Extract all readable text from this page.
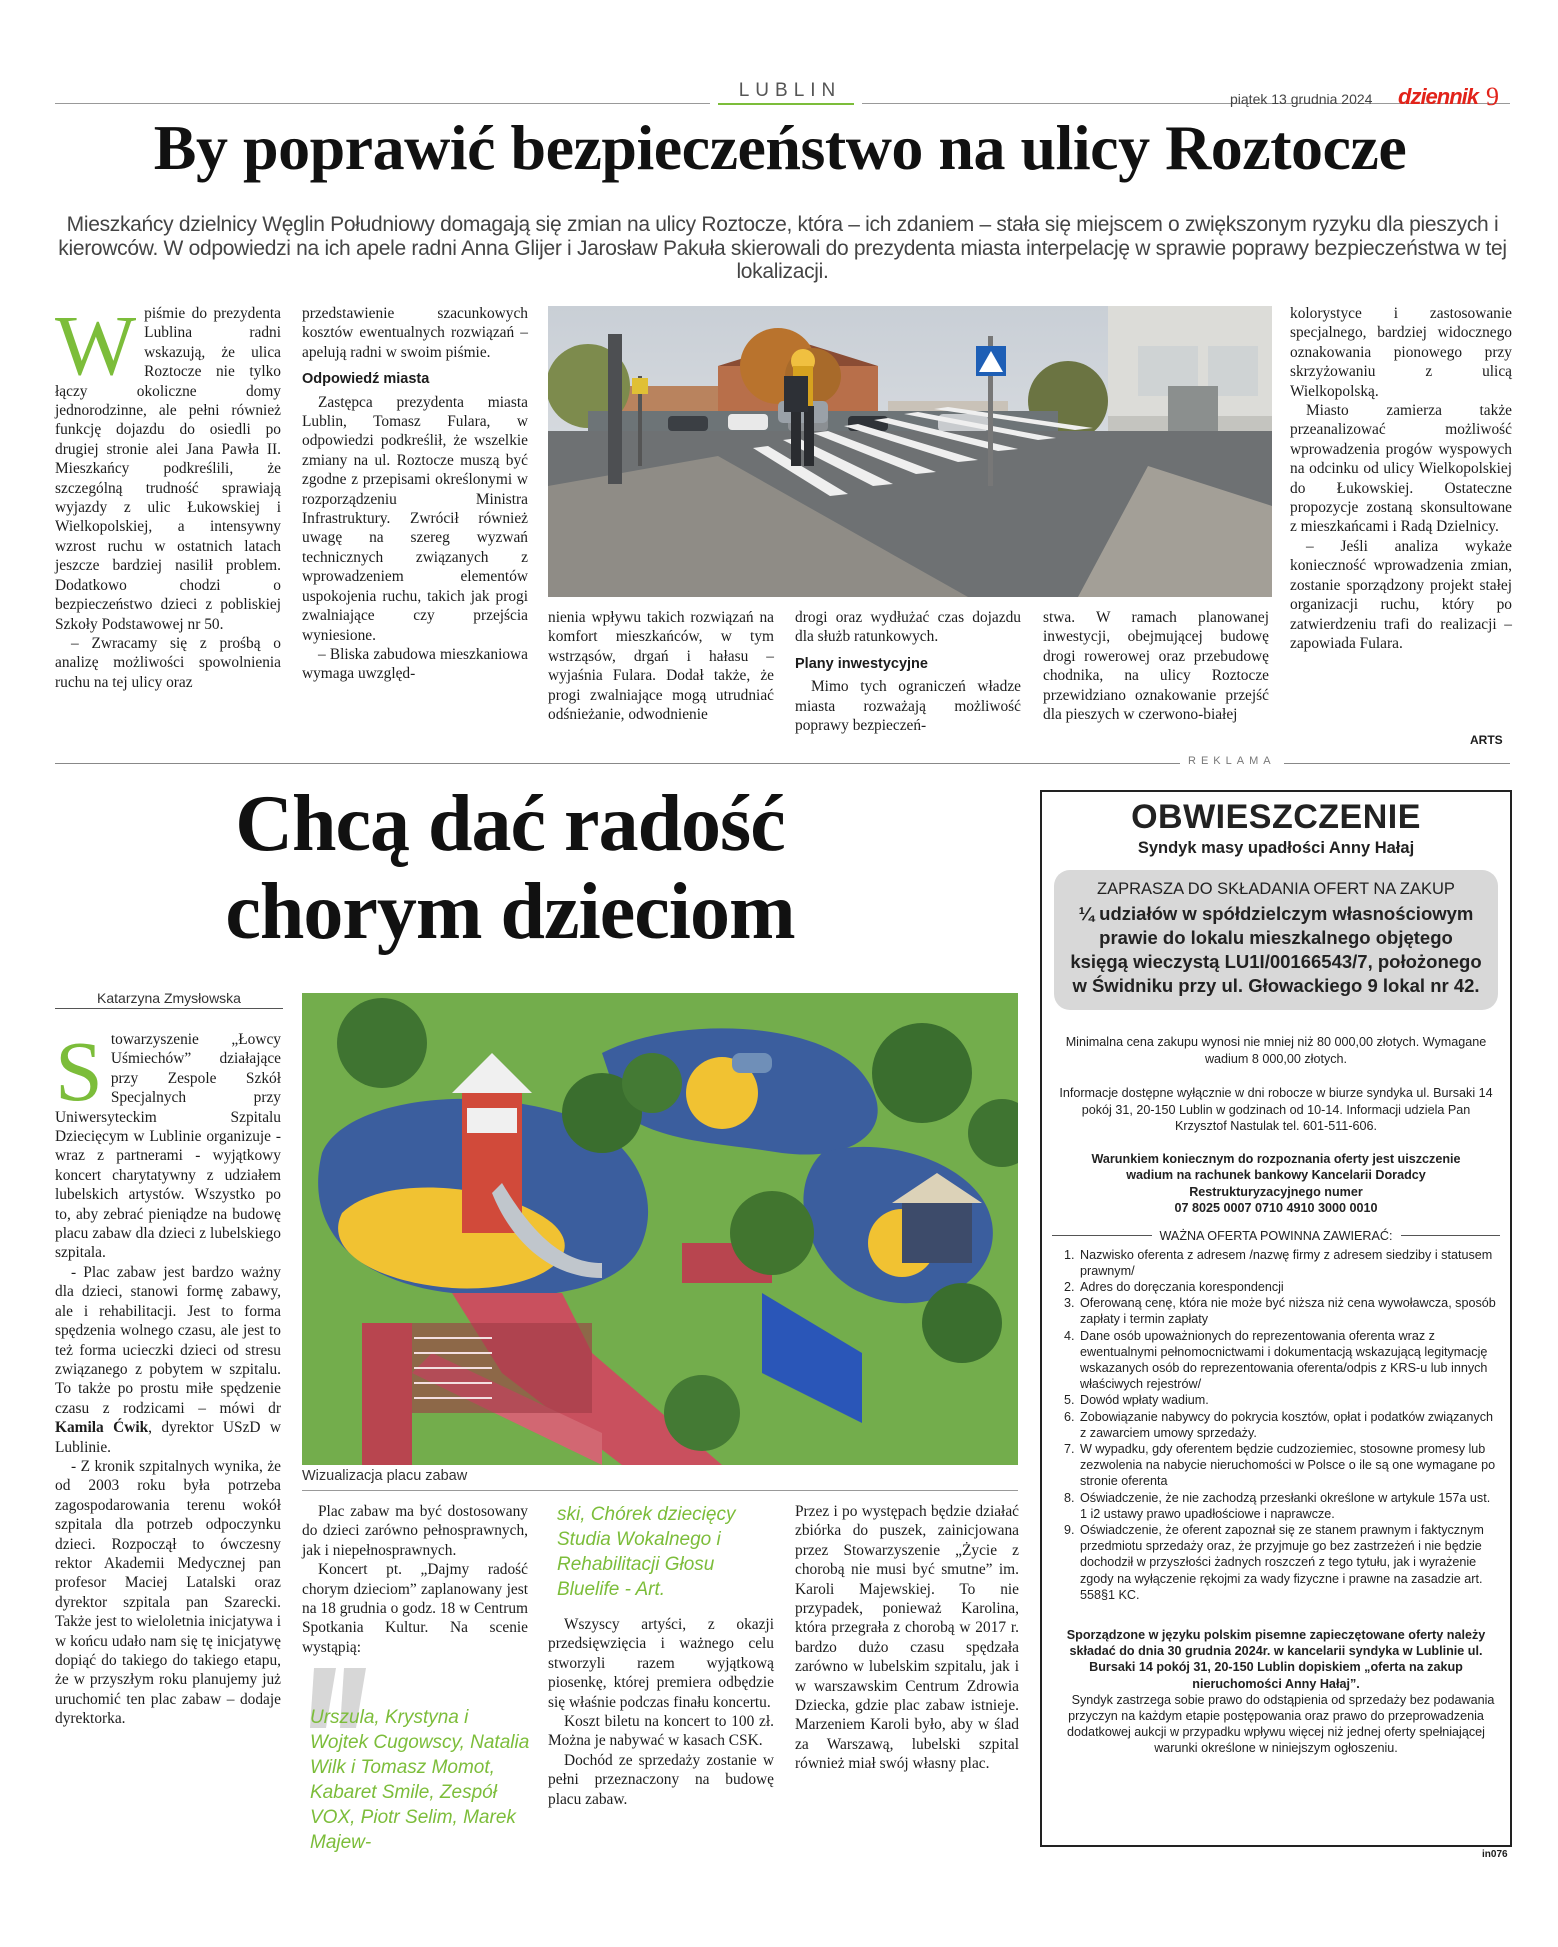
LUBLIN	piątek 13 grudnia 2024 dziennik 9
By poprawić bezpieczeństwo na ulicy Roztocze
Mieszkańcy dzielnicy Węglin Południowy domagają się zmian na ulicy Roztocze, która – ich zdaniem – stała się miejscem o zwiększonym ryzyku dla pieszych i kierowców. W odpowiedzi na ich apele radni Anna Glijer i Jarosław Pakuła skierowali do prezydenta miasta interpelację w sprawie poprawy bezpieczeństwa w tej lokalizacji.
W piśmie do prezydenta Lublina radni wskazują, że ulica Roztocze nie tylko łączy okoliczne domy jednorodzinne, ale pełni również funkcję dojazdu do osiedli po drugiej stronie alei Jana Pawła II. Mieszkańcy podkreślili, że szczególną trudność sprawiają wyjazdy z ulic Łukowskiej i Wielkopolskiej, a intensywny wzrost ruchu w ostatnich latach jeszcze bardziej nasilił problem. Dodatkowo chodzi o bezpieczeństwo dzieci z pobliskiej Szkoły Podstawowej nr 50.

– Zwracamy się z prośbą o analizę możliwości spowolnienia ruchu na tej ulicy oraz

przedstawienie szacunkowych kosztów ewentualnych rozwiązań – apelują radni w swoim piśmie.

Odpowiedź miasta

Zastępca prezydenta miasta Lublin, Tomasz Fulara, w odpowiedzi podkreślił, że wszelkie zmiany na ul. Roztocze muszą być zgodne z przepisami określonymi w rozporządzeniu Ministra Infrastruktury. Zwrócił również uwagę na szereg wyzwań technicznych związanych z wprowadzeniem elementów uspokojenia ruchu, takich jak progi zwalniające czy przejścia wyniesione.

– Bliska zabudowa mieszkaniowa wymaga uwzględ-

nienia wpływu takich rozwiązań na komfort mieszkańców, w tym wstrząsów, drgań i hałasu – wyjaśnia Fulara. Dodał także, że progi zwalniające mogą utrudniać odśnieżanie, odwodnienie

drogi oraz wydłużać czas dojazdu dla służb ratunkowych.

Plany inwestycyjne

Mimo tych ograniczeń władze miasta rozważają możliwość poprawy bezpieczeń-

stwa. W ramach planowanej inwestycji, obejmującej budowę drogi rowerowej oraz przebudowę chodnika, na ulicy Roztocze przewidziano oznakowanie przejść dla pieszych w czerwono-białej

kolorystyce i zastosowanie specjalnego, bardziej widocznego oznakowania pionowego przy skrzyżowaniu z ulicą Wielkopolską.

Miasto zamierza także przeanalizować możliwość wprowadzenia progów wyspowych na odcinku od ulicy Wielkopolskiej do Łukowskiej. Ostateczne propozycje zostaną skonsultowane z mieszkańcami i Radą Dzielnicy.

– Jeśli analiza wykaże konieczność wprowadzenia zmian, zostanie sporządzony projekt stałej organizacji ruchu, który po zatwierdzeniu trafi do realizacji – zapowiada Fulara.

ARTS
REKLAMA
Chcą dać radość
chorym dzieciom
Katarzyna Zmysłowska
S towarzyszenie „Łowcy Uśmiechów” działające przy Zespole Szkół Specjalnych przy Uniwersyteckim Szpitalu Dziecięcym w Lublinie organizuje - wraz z partnerami - wyjątkowy koncert charytatywny z udziałem lubelskich artystów. Wszystko po to, aby zebrać pieniądze na budowę placu zabaw dla dzieci z lubelskiego szpitala.

- Plac zabaw jest bardzo ważny dla dzieci, stanowi formę zabawy, ale i rehabilitacji. Jest to forma spędzenia wolnego czasu, ale jest to też forma ucieczki dzieci od stresu związanego z pobytem w szpitalu. To także po prostu miłe spędzenie czasu z rodzicami – mówi dr Kamila Ćwik, dyrektor USzD w Lublinie.

- Z kronik szpitalnych wynika, że od 2003 roku była potrzeba zagospodarowania terenu wokół szpitala dla potrzeb odpoczynku dzieci. Rozpoczął to ówczesny rektor Akademii Medycznej pan profesor Maciej Latalski oraz dyrektor szpitala pan Szarecki. Także jest to wieloletnia inicjatywa i w końcu udało nam się tę inicjatywę dopiąć do takiego do takiego etapu, że w przyszłym roku planujemy już uruchomić ten plac zabaw – dodaje dyrektorka.

Wizualizacja placu zabaw

Plac zabaw ma być dostosowany do dzieci zarówno pełnosprawnych, jak i niepełnosprawnych.

Koncert pt. „Dajmy radość chorym dzieciom” zaplanowany jest na 18 grudnia o godz. 18 w Centrum Spotkania Kultur. Na scenie wystąpią:

Urszula, Krystyna i Wojtek Cugowscy, Natalia Wilk i Tomasz Momot, Kabaret Smile, Zespół VOX, Piotr Selim, Marek Majew-
ski, Chórek dziecięcy Studia Wokalnego i Rehabilitacji Głosu Bluelife - Art.

Wszyscy artyści, z okazji przedsięwzięcia i ważnego celu stworzyli razem wyjątkową piosenkę, której premiera odbędzie się właśnie podczas finału koncertu.

Koszt biletu na koncert to 100 zł. Można je nabywać w kasach CSK.

Dochód ze sprzedaży zostanie w pełni przeznaczony na budowę placu zabaw.

Przez i po występach będzie działać zbiórka do puszek, zainicjowana przez Stowarzyszenie „Życie z chorobą nie musi być smutne” im. Karoli Majewskiej. To nie przypadek, ponieważ Karolina, która przegrała z chorobą w 2017 r. bardzo dużo czasu spędzała zarówno w lubelskim szpitalu, jak i w warszawskim Centrum Zdrowia Dziecka, gdzie plac zabaw istnieje. Marzeniem Karoli było, aby w ślad za Warszawą, lubelski szpital również miał swój własny plac.

OBWIESZCZENIE
Syndyk masy upadłości Anny Hałaj
ZAPRASZA DO SKŁADANIA OFERT NA ZAKUP
¼ udziałów w spółdzielczym własnościowym prawie do lokalu mieszkalnego objętego księgą wieczystą LU1I/00166543/7, położonego w Świdniku przy ul. Głowackiego 9 lokal nr 42.
Minimalna cena zakupu wynosi nie mniej niż 80 000,00 złotych. Wymagane wadium 8 000,00 złotych.
Informacje dostępne wyłącznie w dni robocze w biurze syndyka ul. Bursaki 14 pokój 31, 20-150 Lublin w godzinach od 10-14. Informacji udziela Pan Krzysztof Nastulak tel. 601-511-606.
Warunkiem koniecznym do rozpoznania oferty jest uiszczenie wadium na rachunek bankowy Kancelarii Doradcy Restrukturyzacyjnego numer
07 8025 0007 0710 4910 3000 0010
WAŻNA OFERTA POWINNA ZAWIERAĆ:
1. Nazwisko oferenta z adresem /nazwę firmy z adresem siedziby i statusem prawnym/
2. Adres do doręczania korespondencji
3. Oferowaną cenę, która nie może być niższa niż cena wywoławcza, sposób zapłaty i termin zapłaty
4. Dane osób upoważnionych do reprezentowania oferenta wraz z ewentualnymi pełnomocnictwami i dokumentacją wskazującą legitymację wskazanych osób do reprezentowania oferenta/odpis z KRS-u lub innych właściwych rejestrów/
5. Dowód wpłaty wadium.
6. Zobowiązanie nabywcy do pokrycia kosztów, opłat i podatków związanych z zawarciem umowy sprzedaży.
7. W wypadku, gdy oferentem będzie cudzoziemiec, stosowne promesy lub zezwolenia na nabycie nieruchomości w Polsce o ile są one wymagane po stronie oferenta
8. Oświadczenie, że nie zachodzą przesłanki określone w artykule 157a ust. 1 i2 ustawy prawo upadłościowe i naprawcze.
9. Oświadczenie, że oferent zapoznał się ze stanem prawnym i faktycznym przedmiotu sprzedaży oraz, że przyjmuje go bez zastrzeżeń i nie będzie dochodził w przyszłości żadnych roszczeń z tego tytułu, jak i wyrażenie zgody na wyłączenie rękojmi za wady fizyczne i prawne na zasadzie art. 558§1 KC.
Sporządzone w języku polskim pisemne zapieczętowane oferty należy składać do dnia 30 grudnia 2024r. w kancelarii syndyka w Lublinie ul. Bursaki 14 pokój 31, 20-150 Lublin dopiskiem „oferta na zakup nieruchomości Anny Hałaj”.
Syndyk zastrzega sobie prawo do odstąpienia od sprzedaży bez podawania przyczyn na każdym etapie postępowania oraz prawo do przeprowadzenia dodatkowej aukcji w przypadku wpływu więcej niż jednej oferty spełniającej warunki określone w niniejszym ogłoszeniu.
in076
